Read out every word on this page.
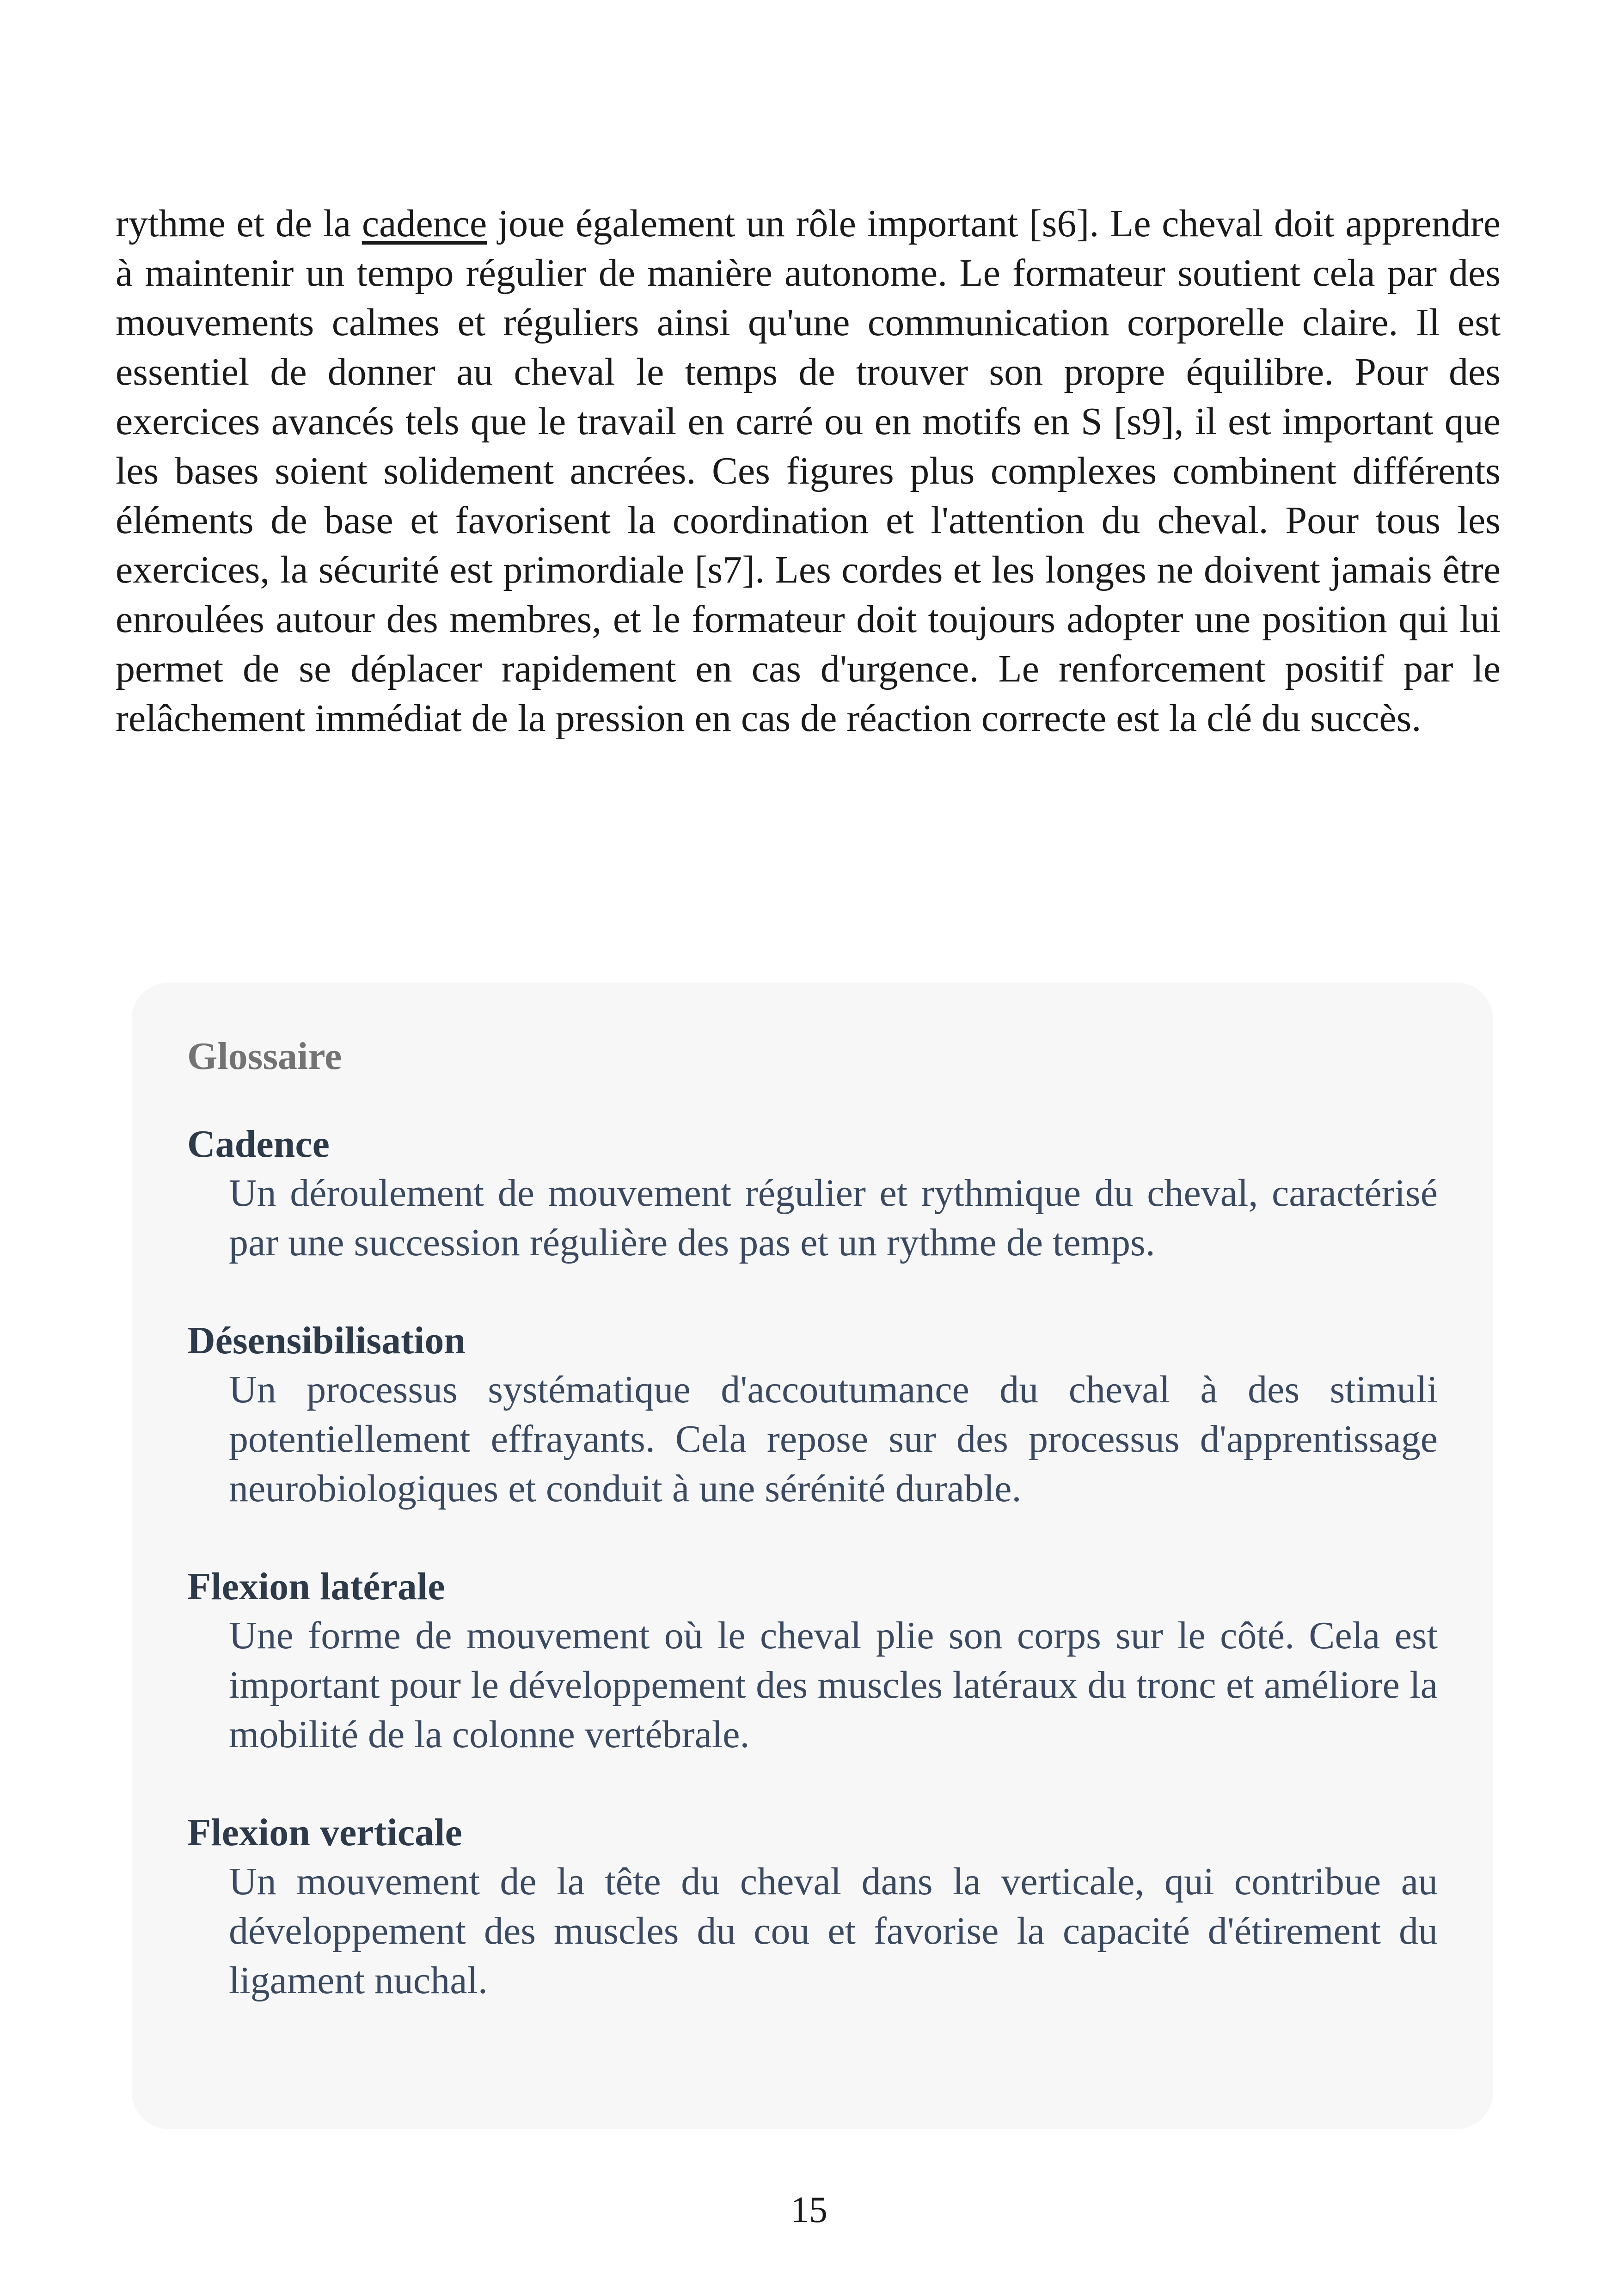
rythme et de la cadence joue également un rôle important [s6]. Le cheval doit apprendre à maintenir un tempo régulier de manière autonome. Le formateur soutient cela par des mouvements calmes et réguliers ainsi qu'une communication corporelle claire. Il est essentiel de donner au cheval le temps de trouver son propre équilibre. Pour des exercices avancés tels que le travail en carré ou en motifs en S [s9], il est important que les bases soient solidement ancrées. Ces figures plus complexes combinent différents éléments de base et favorisent la coordination et l'attention du cheval. Pour tous les exercices, la sécurité est primordiale [s7]. Les cordes et les longes ne doivent jamais être enroulées autour des membres, et le formateur doit toujours adopter une position qui lui permet de se déplacer rapidement en cas d'urgence. Le renforcement positif par le relâchement immédiat de la pression en cas de réaction correcte est la clé du succès.

Glossaire
Cadence
Un déroulement de mouvement régulier et rythmique du cheval, caractérisé par une succession régulière des pas et un rythme de temps.
Désensibilisation
Un processus systématique d'accoutumance du cheval à des stimuli potentiellement effrayants. Cela repose sur des processus d'apprentissage neurobiologiques et conduit à une sérénité durable.
Flexion latérale
Une forme de mouvement où le cheval plie son corps sur le côté. Cela est important pour le développement des muscles latéraux du tronc et améliore la mobilité de la colonne vertébrale.
Flexion verticale
Un mouvement de la tête du cheval dans la verticale, qui contribue au développement des muscles du cou et favorise la capacité d'étirement du ligament nuchal.
15
